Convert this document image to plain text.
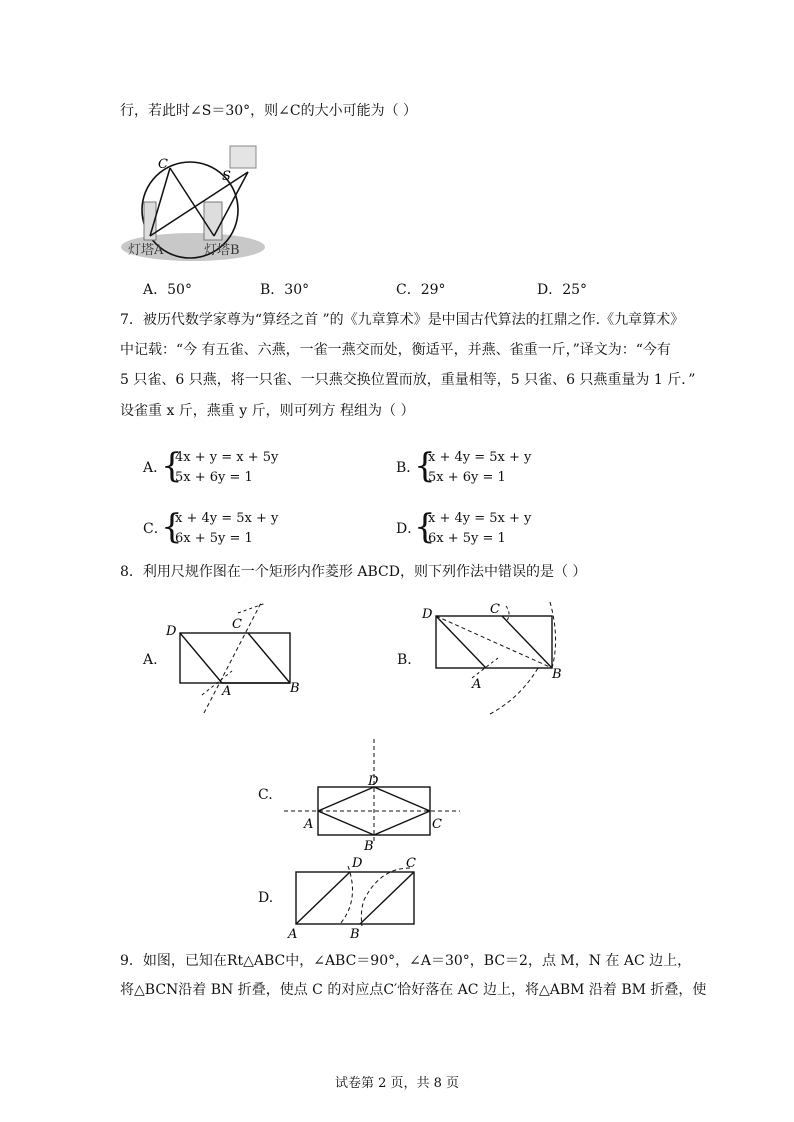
行，若此时∠S＝30°，则∠C的大小可能为（ ）
C
S
灯塔A	灯塔B
A．50°	B．30°	C．29°	D．25°
7．被历代数学家尊为“算经之首 ”的《九章算术》是中国古代算法的扛鼎之作.《九章算术》
中记载：“今 有五雀、六燕，一雀一燕交而处，衡适平，并燕、雀重一斤，”译文为：“今有
5 只雀、6 只燕，将一只雀、一只燕交换位置而放，重量相等，5 只雀、6 只燕重量为 1 斤．”
设雀重 x 斤，燕重 y 斤，则可列方 程组为（ ）
A．
{
4x + y = x + 5y
5x + 6y = 1
B．
{
x + 4y = 5x + y
5x + 6y = 1
C．
{
x + 4y = 5x + y
6x + 5y = 1
D．
{
x + 4y = 5x + y
6x + 5y = 1
8．利用尺规作图在一个矩形内作菱形 ABCD，则下列作法中错误的是（ ）
A.
D	C
A	B
B.
D	C
A
B
C.
D
A	C
B
D.
D	C
A	B
9．如图，已知在Rt△ABC中，∠ABC＝90°，∠A＝30°，BC＝2，点 M，N 在 AC 边上，
将△BCN沿着 BN 折叠，使点 C 的对应点C′恰好落在 AC 边上，将△ABM 沿着 BM 折叠，使
试卷第 2 页，共 8 页
